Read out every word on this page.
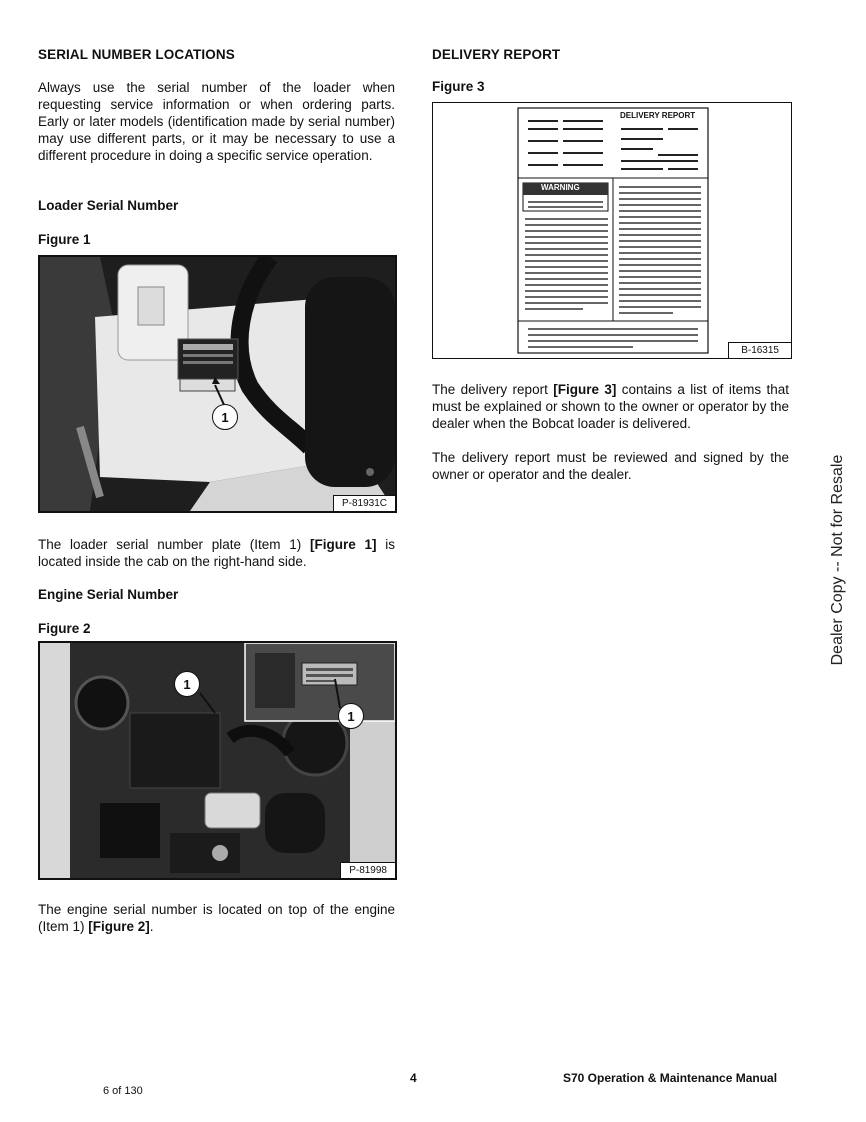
SERIAL NUMBER LOCATIONS
Always use the serial number of the loader when requesting service information or when ordering parts. Early or later models (identification made by serial number) may use different parts, or it may be necessary to use a different procedure in doing a specific service operation.
Loader Serial Number
Figure 1
1
P-81931C
The loader serial number plate (Item 1) [Figure 1] is located inside the cab on the right-hand side.
Engine Serial Number
Figure 2
1
1
P-81998
The engine serial number is located on top of the engine (Item 1) [Figure 2].
DELIVERY REPORT
Figure 3
DELIVERY REPORT
WARNING
B-16315
The delivery report [Figure 3] contains a list of items that must be explained or shown to the owner or operator by the dealer when the Bobcat loader is delivered.
The delivery report must be reviewed and signed by the owner or operator and the dealer.	Dealer Copy -- Not for Resale
4	S70 Operation & Maintenance Manual
6 of 130
